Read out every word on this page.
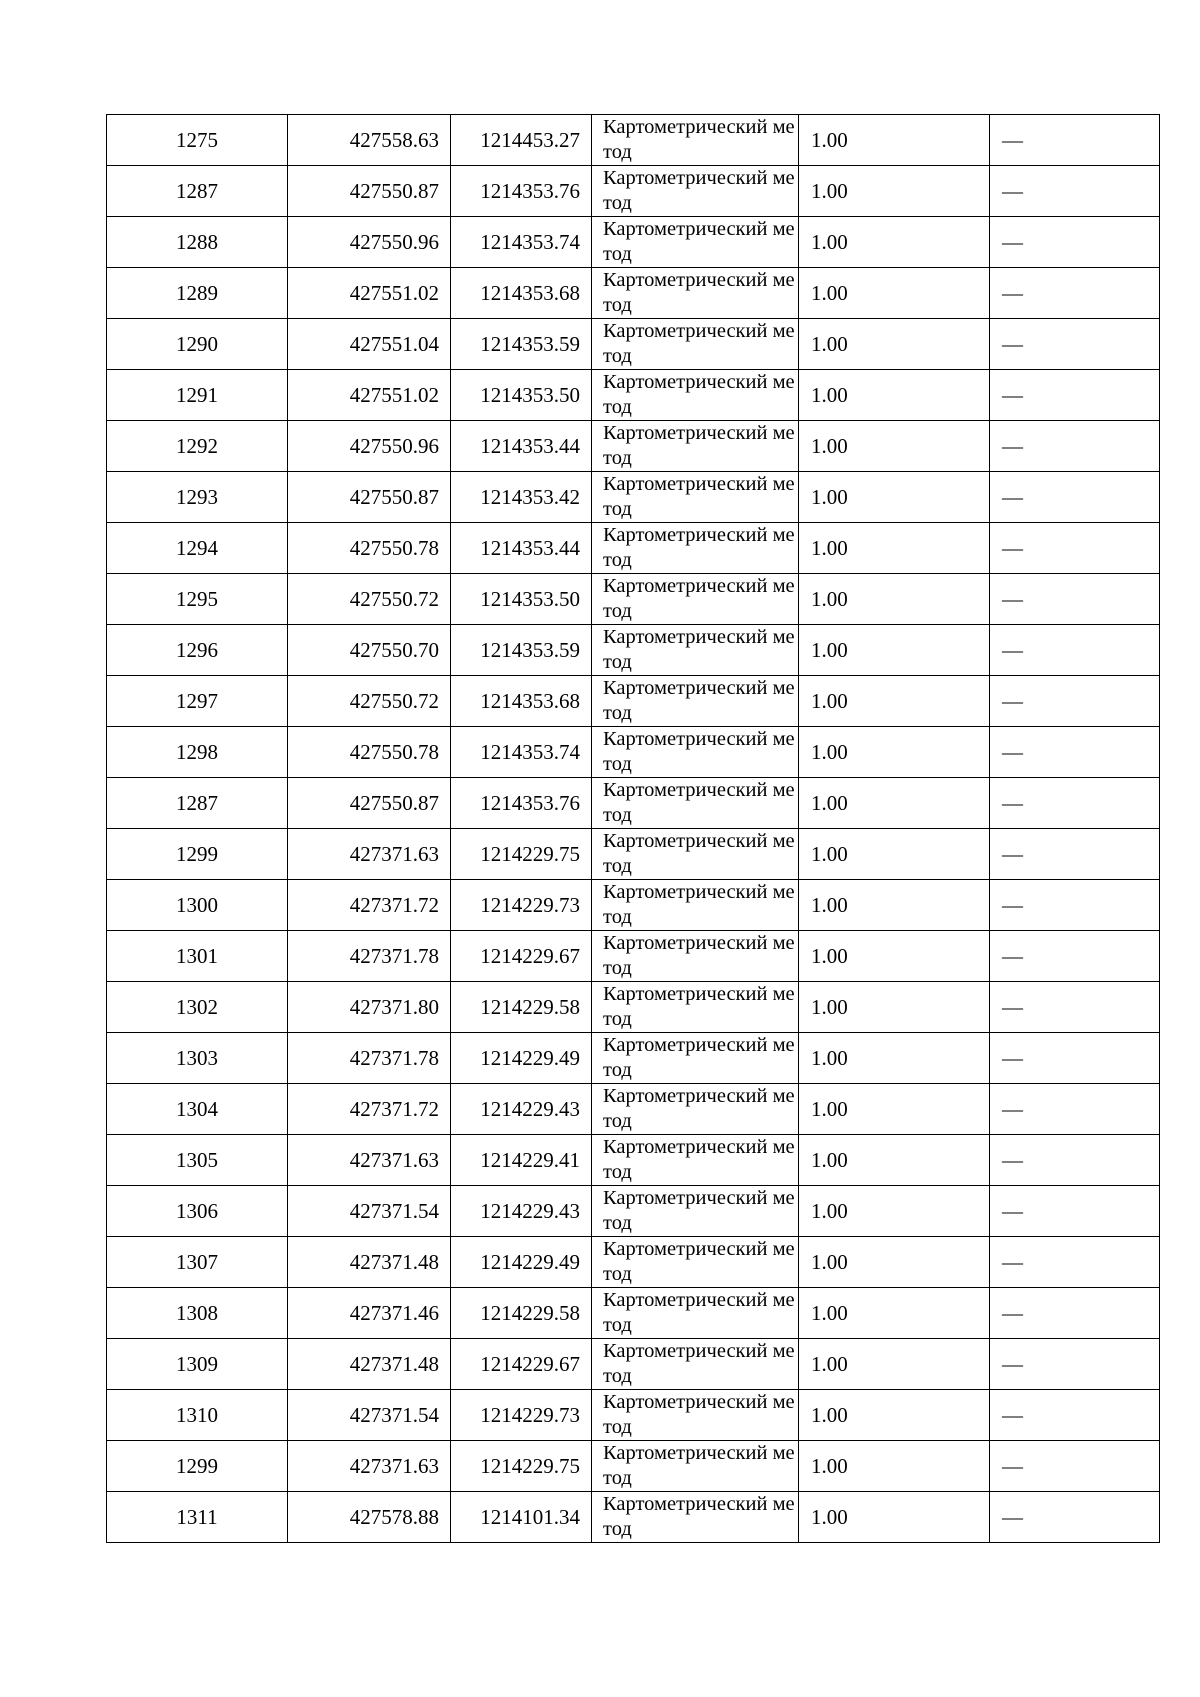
1275	427558.63	1214453.27	Картометрический метод	1.00	—
1287	427550.87	1214353.76	Картометрический метод	1.00	—
1288	427550.96	1214353.74	Картометрический метод	1.00	—
1289	427551.02	1214353.68	Картометрический метод	1.00	—
1290	427551.04	1214353.59	Картометрический метод	1.00	—
1291	427551.02	1214353.50	Картометрический метод	1.00	—
1292	427550.96	1214353.44	Картометрический метод	1.00	—
1293	427550.87	1214353.42	Картометрический метод	1.00	—
1294	427550.78	1214353.44	Картометрический метод	1.00	—
1295	427550.72	1214353.50	Картометрический метод	1.00	—
1296	427550.70	1214353.59	Картометрический метод	1.00	—
1297	427550.72	1214353.68	Картометрический метод	1.00	—
1298	427550.78	1214353.74	Картометрический метод	1.00	—
1287	427550.87	1214353.76	Картометрический метод	1.00	—
1299	427371.63	1214229.75	Картометрический метод	1.00	—
1300	427371.72	1214229.73	Картометрический метод	1.00	—
1301	427371.78	1214229.67	Картометрический метод	1.00	—
1302	427371.80	1214229.58	Картометрический метод	1.00	—
1303	427371.78	1214229.49	Картометрический метод	1.00	—
1304	427371.72	1214229.43	Картометрический метод	1.00	—
1305	427371.63	1214229.41	Картометрический метод	1.00	—
1306	427371.54	1214229.43	Картометрический метод	1.00	—
1307	427371.48	1214229.49	Картометрический метод	1.00	—
1308	427371.46	1214229.58	Картометрический метод	1.00	—
1309	427371.48	1214229.67	Картометрический метод	1.00	—
1310	427371.54	1214229.73	Картометрический метод	1.00	—
1299	427371.63	1214229.75	Картометрический метод	1.00	—
1311	427578.88	1214101.34	Картометрический метод	1.00	—
